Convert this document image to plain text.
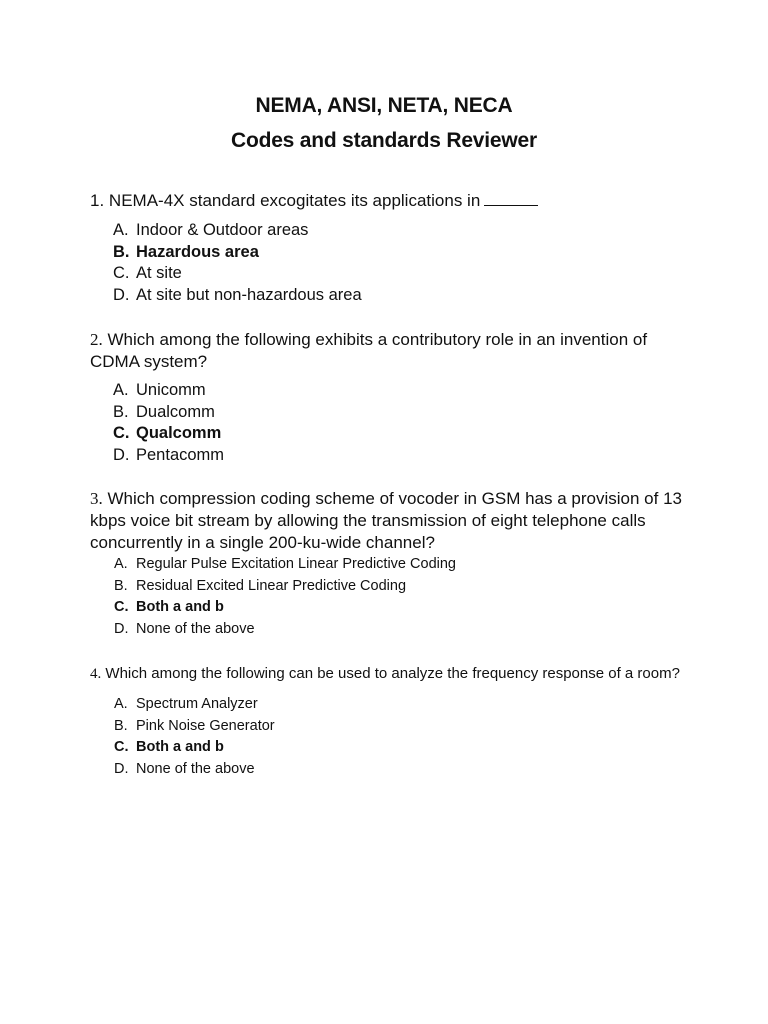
NEMA, ANSI, NETA, NECA
Codes and standards Reviewer

1. NEMA-4X standard excogitates its applications in

A. Indoor & Outdoor areas
B. Hazardous area
C. At site
D. At site but non-hazardous area

2. Which among the following exhibits a contributory role in an invention of CDMA system?

A. Unicomm
B. Dualcomm
C. Qualcomm
D. Pentacomm

3. Which compression coding scheme of vocoder in GSM has a provision of 13 kbps voice bit stream by allowing the transmission of eight telephone calls concurrently in a single 200-ku-wide channel?

A. Regular Pulse Excitation Linear Predictive Coding
B. Residual Excited Linear Predictive Coding
C. Both a and b
D. None of the above

4. Which among the following can be used to analyze the frequency response of a room?

A. Spectrum Analyzer
B. Pink Noise Generator
C. Both a and b
D. None of the above
